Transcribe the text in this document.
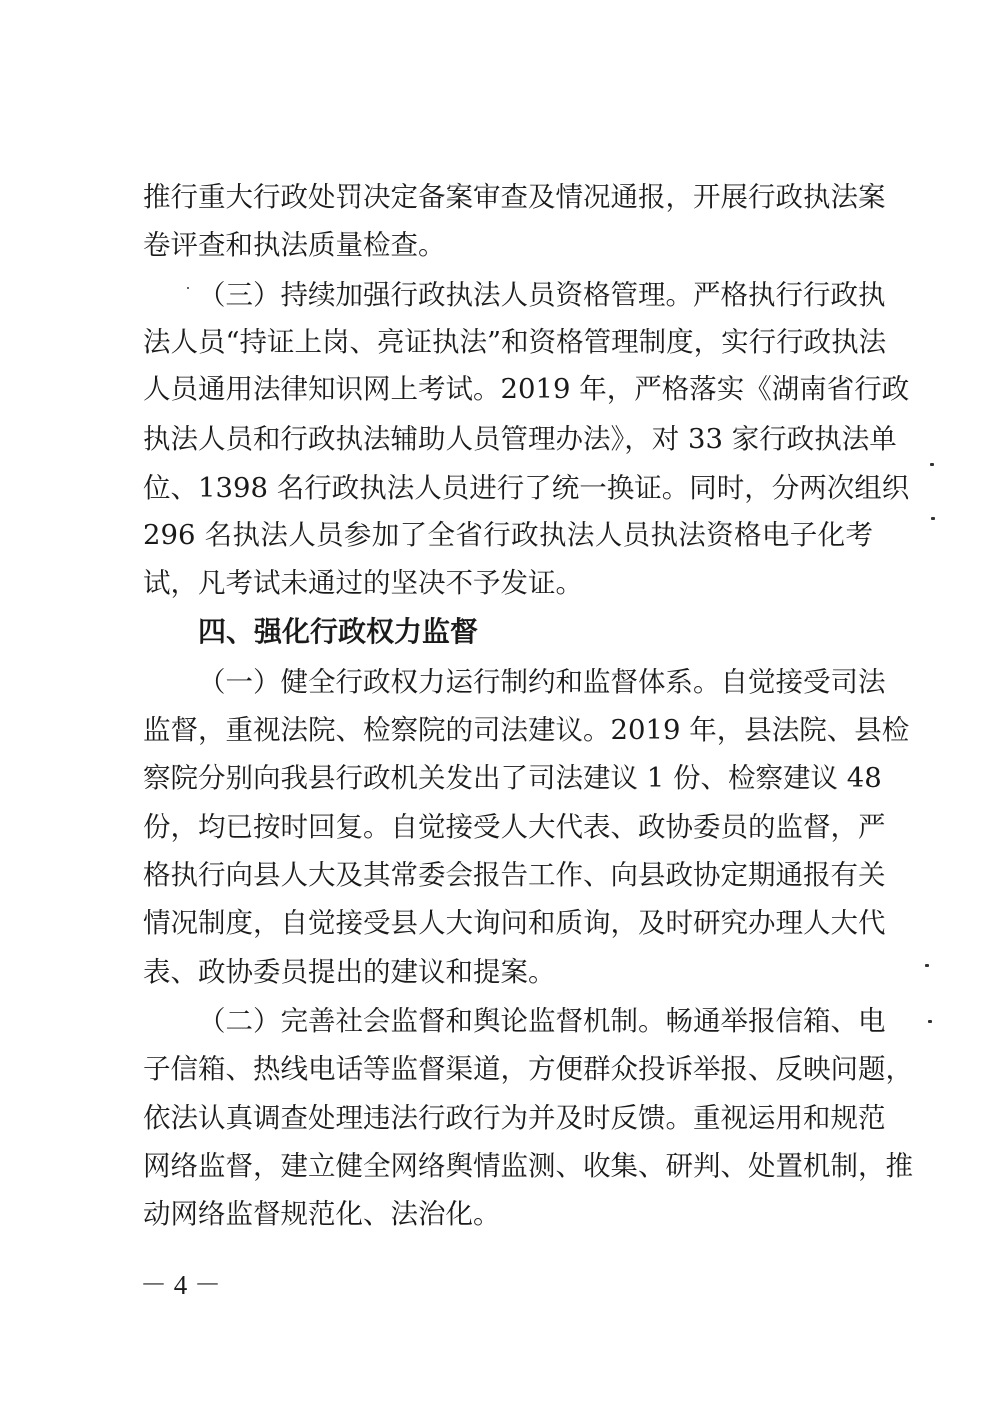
推行重大行政处罚决定备案审查及情况通报，开展行政执法案
卷评查和执法质量检查。
（三）持续加强行政执法人员资格管理。严格执行行政执
法人员“持证上岗、亮证执法”和资格管理制度，实行行政执法
人员通用法律知识网上考试。2019 年，严格落实《湖南省行政
执法人员和行政执法辅助人员管理办法》，对 33 家行政执法单
位、1398 名行政执法人员进行了统一换证。同时，分两次组织
296 名执法人员参加了全省行政执法人员执法资格电子化考
试，凡考试未通过的坚决不予发证。
四、强化行政权力监督
（一）健全行政权力运行制约和监督体系。自觉接受司法
监督，重视法院、检察院的司法建议。2019 年，县法院、县检
察院分别向我县行政机关发出了司法建议 1 份、检察建议 48
份，均已按时回复。自觉接受人大代表、政协委员的监督，严
格执行向县人大及其常委会报告工作、向县政协定期通报有关
情况制度，自觉接受县人大询问和质询，及时研究办理人大代
表、政协委员提出的建议和提案。
（二）完善社会监督和舆论监督机制。畅通举报信箱、电
子信箱、热线电话等监督渠道，方便群众投诉举报、反映问题，
依法认真调查处理违法行政行为并及时反馈。重视运用和规范
网络监督，建立健全网络舆情监测、收集、研判、处置机制，推
动网络监督规范化、法治化。
－ 4 －
